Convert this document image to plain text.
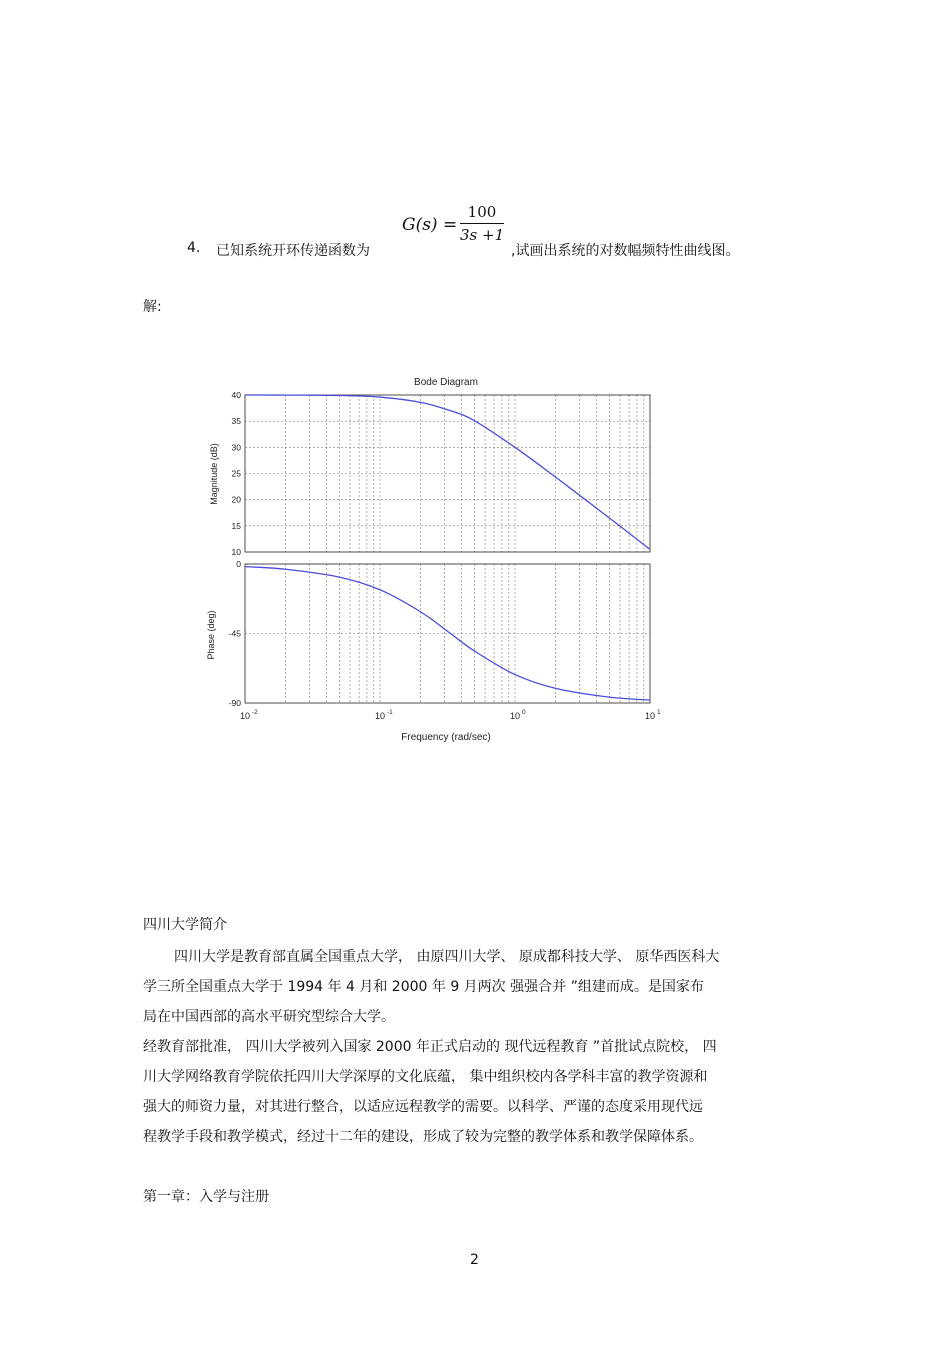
4. 已知系统开环传递函数为
G(s) =
100
3s +1
,试画出系统的对数幅频特性曲线图。
解:
Bode Diagram
Magnitude (dB)
Phase (deg)
Frequency (rad/sec)
10
15
20
25
30
35
40
-90
-45
0
10 -2	10 -1	10 0	10 1
四川大学简介
四川大学是教育部直属全国重点大学， 由原四川大学、 原成都科技大学、 原华西医科大
学三所全国重点大学于 1994 年 4 月和 2000 年 9 月两次 强强合并 ”组建而成。是国家布
局在中国西部的高水平研究型综合大学。
经教育部批准， 四川大学被列入国家 2000 年正式启动的 现代远程教育 ”首批试点院校， 四
川大学网络教育学院依托四川大学深厚的文化底蕴， 集中组织校内各学科丰富的教学资源和
强大的师资力量，对其进行整合，以适应远程教学的需要。以科学、严谨的态度采用现代远
程教学手段和教学模式，经过十二年的建设，形成了较为完整的教学体系和教学保障体系。
第一章：入学与注册
2
